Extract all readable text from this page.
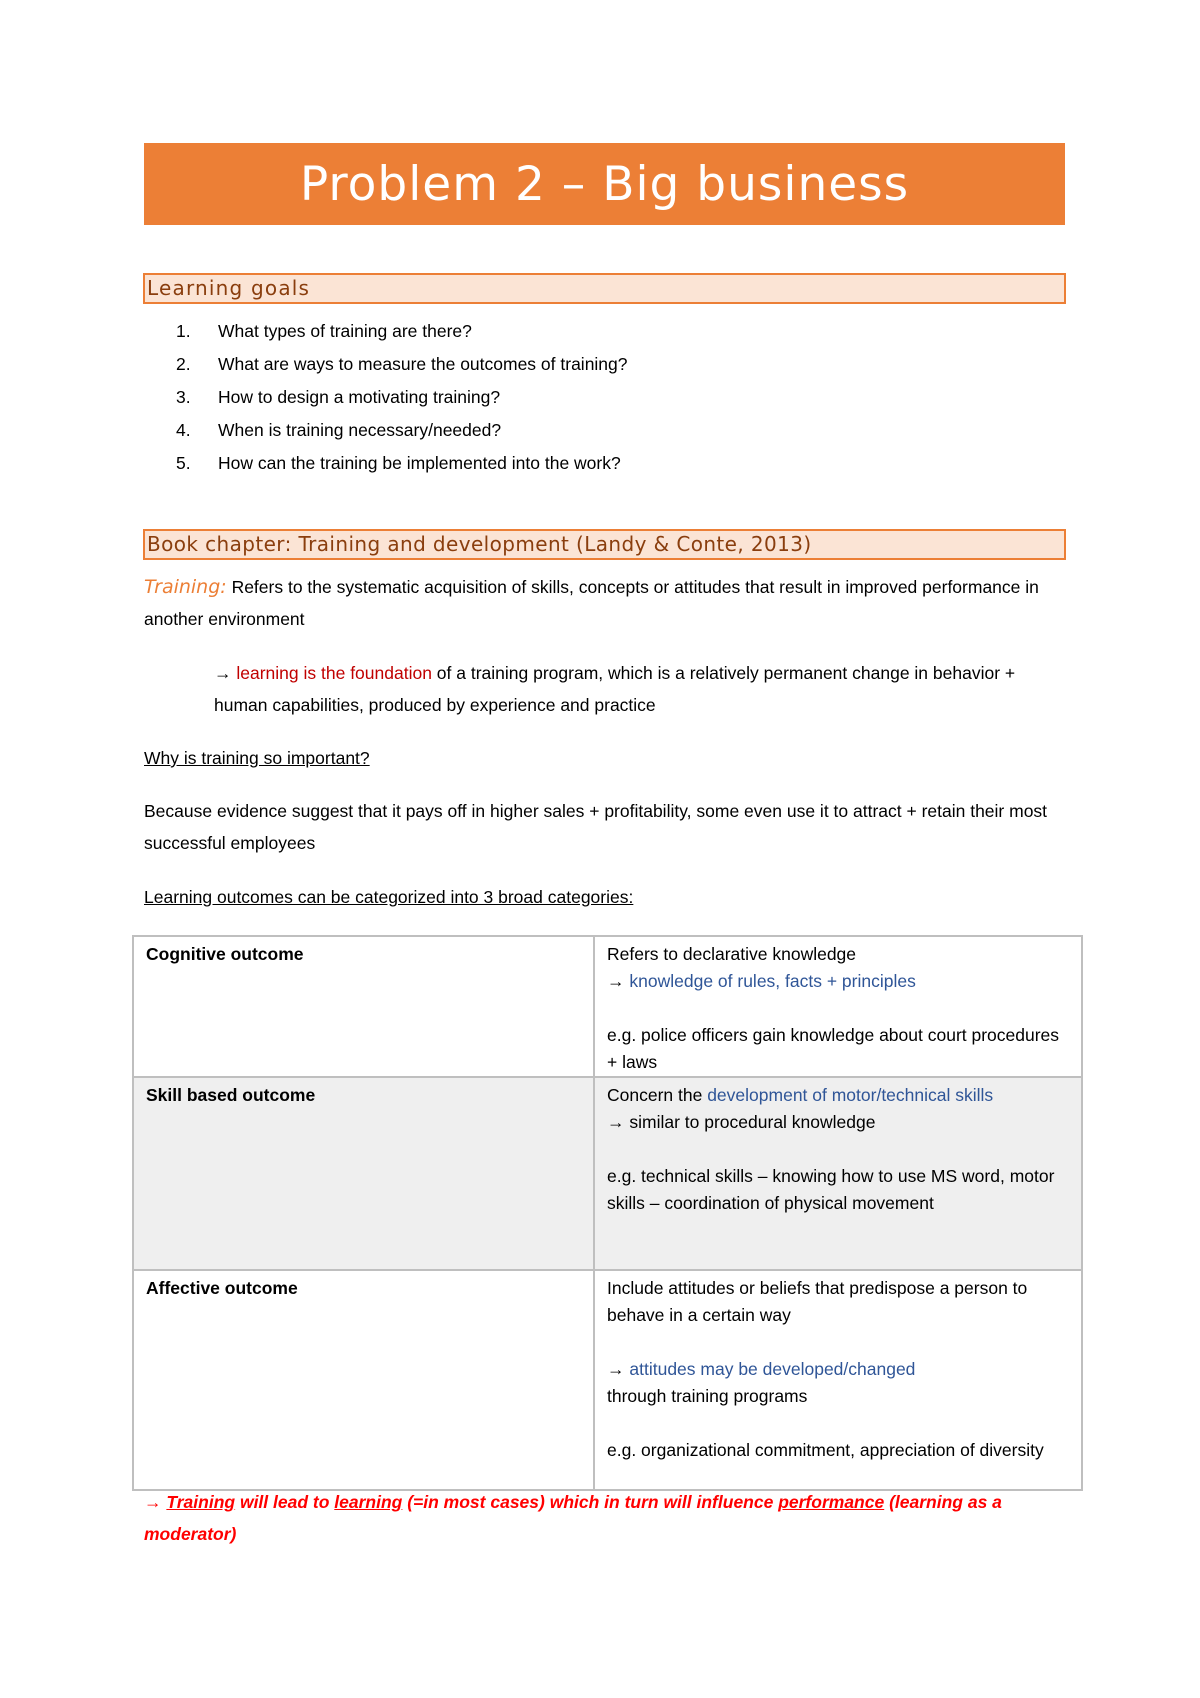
Problem 2 – Big business
Learning goals
1.	What types of training are there?
2.	What are ways to measure the outcomes of training?
3.	How to design a motivating training?
4.	When is training necessary/needed?
5.	How can the training be implemented into the work?
Book chapter: Training and development (Landy & Conte, 2013)
Training: Refers to the systematic acquisition of skills, concepts or attitudes that result in improved performance in another environment
→ learning is the foundation of a training program, which is a relatively permanent change in behavior + human capabilities, produced by experience and practice
Why is training so important?
Because evidence suggest that it pays off in higher sales + profitability, some even use it to attract + retain their most successful employees
Learning outcomes can be categorized into 3 broad categories:
Cognitive outcome	Refers to declarative knowledge
→ knowledge of rules, facts + principles
e.g. police officers gain knowledge about court procedures + laws
Skill based outcome	Concern the development of motor/technical skills
→ similar to procedural knowledge
e.g. technical skills – knowing how to use MS word, motor skills – coordination of physical movement
Affective outcome	Include attitudes or beliefs that predispose a person to behave in a certain way
→ attitudes may be developed/changed
through training programs
e.g. organizational commitment, appreciation of diversity
→ Training will lead to learning (=in most cases) which in turn will influence performance (learning as a moderator)
